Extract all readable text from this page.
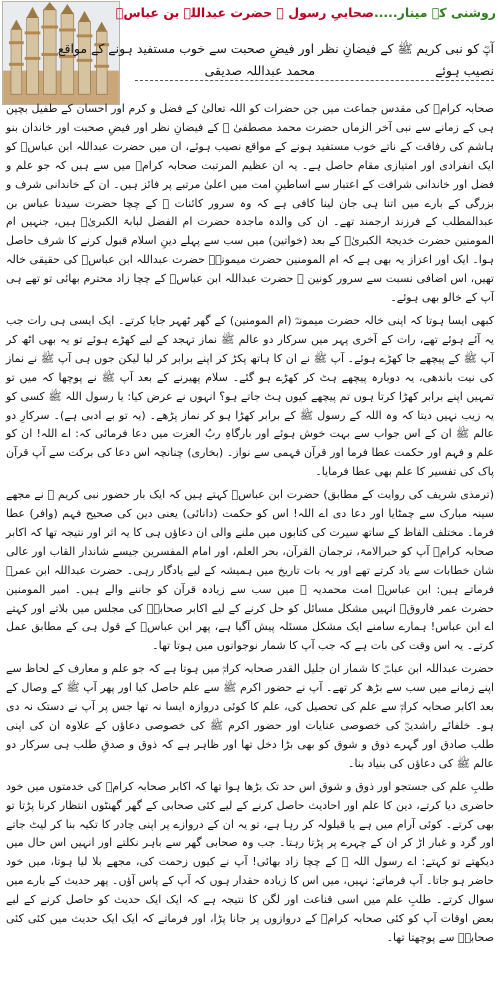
روشنی کے مینار.....صحابیِ رسول ﷺ حضرت عبداللہ بن عباسؓ
آپؓ کو نبی کریم ﷺ کے فیضانِ نظر اور فیضِ صحبت سے خوب مستفید ہونے کے مواقع
نصیب ہوئےمحمد عبداللہ صدیقی

صحابہ کرامؓ کی مقدس جماعت میں جن حضرات کو اللہ تعالیٰ کے فضل و کرم اور احسان کے طفیل بچپن ہی کے زمانے سے نبی آخر الزماں حضرت محمد مصطفیٰ ﷺ کے فیضانِ نظر اور فیضِ صحبت اور خاندان بنو ہاشم کی رفاقت کے ناتے خوب مستفید ہونے کے مواقع نصیب ہوئے، ان میں حضرت عبداللہ ابن عباسؓ کو ایک انفرادی اور امتیازی مقام حاصل ہے۔ یہ ان عظیم المرتبت صحابہ کرامؓ میں سے ہیں کہ جو علم و فضل اور خاندانی شرافت کے اعتبار سے اساطینِ امت میں اعلیٰ مرتبے پر فائز ہیں۔ ان کے خاندانی شرف و بزرگی کے بارے میں اتنا ہی جان لینا کافی ہے کہ وہ سرور کائنات ﷺ کے چچا حضرت سیدنا عباس بن عبدالمطلب کے فرزند ارجمند تھے۔ ان کی والدہ ماجدہ حضرت ام الفضل لبابۃ الکبریٰؓ ہیں، جنہیں ام المومنین حضرت خدیجۃ الکبریٰؓ کے بعد (خواتین) میں سب سے پہلے دینِ اسلام قبول کرنے کا شرف حاصل ہوا۔ ایک اور اعزاز یہ بھی ہے کہ ام المومنین حضرت میمونہؓ حضرت عبداللہ ابن عباسؓ کی حقیقی خالہ تھیں، اس اضافی نسبت سے سرور کونین ﷺ حضرت عبداللہ ابن عباسؓ کے چچا زاد محترم بھائی تو تھے ہی آپ کے خالو بھی ہوئے۔

کبھی ایسا ہوتا کہ اپنی خالہ حضرت میمونہؓ (ام المومنین) کے گھر ٹھہر جایا کرتے۔ ایک ایسی ہی رات جب یہ آئے ہوئے تھے، رات کے آخری پہر میں سرکار دو عالم ﷺ نماز تہجد کے لیے کھڑے ہوئے تو یہ بھی اٹھ کر آپ ﷺ کے پیچھے جا کھڑے ہوئے۔ آپ ﷺ نے ان کا ہاتھ پکڑ کر اپنے برابر کر لیا لیکن جوں ہی آپ ﷺ نے نماز کی نیت باندھی، یہ دوبارہ پیچھے ہٹ کر کھڑے ہو گئے۔ سلام پھیرنے کے بعد آپ ﷺ نے پوچھا کہ میں تو تمہیں اپنے برابر کھڑا کرتا ہوں تم پیچھے کیوں ہٹ جاتے ہو؟ انہوں نے عرض کیا: یا رسول اللہ ﷺ کسی کو یہ زیب نہیں دیتا کہ وہ اللہ کے رسول ﷺ کے برابر کھڑا ہو کر نماز پڑھے۔ (یہ تو بے ادبی ہے)۔ سرکارِ دو عالم ﷺ ان کے اس جواب سے بہت خوش ہوئے اور بارگاہِ ربُ العزت میں دعا فرمائی کہ: اے اللہ! ان کو علم و فہم اور حکمت عطا فرما اور قرآن فہمی سے نواز۔ (بخاری) چنانچہ اس دعا کی برکت سے آپ قرآن پاک کی تفسیر کا علم بھی عطا فرمایا۔

(ترمذی شریف کی روایت کے مطابق) حضرت ابن عباسؓ کہتے ہیں کہ ایک بار حضور نبی کریم ﷺ نے مجھے سینہ مبارک سے چمٹایا اور دعا دی اے اللہ! اس کو حکمت (دانائی) یعنی دین کی صحیح فہم (وافر) عطا فرما۔ مختلف الفاظ کے ساتھ سیرت کی کتابوں میں ملنے والی ان دعاؤں ہی کا یہ اثر اور نتیجہ تھا کہ اکابر صحابہ کرامؓ آپ کو حبرالامۃ، ترجمان القرآن، بحر العلم، اور امام المفسرین جیسے شاندار القاب اور عالی شان خطابات سے یاد کرتے تھے اور یہ بات تاریخ میں ہمیشہ کے لیے یادگار رہی۔ حضرت عبداللہ ابن عمرؓ فرماتے ہیں: ابن عباسؓ امت محمدیہ ﷺ میں سب سے زیادہ قرآن کو جاننے والے ہیں۔ امیر المومنین حضرت عمر فاروقؓ انہیں مشکل مسائل کو حل کرنے کے لیے اکابر صحابہؓ کی مجلس میں بلاتے اور کہتے اے ابن عباس! ہمارے سامنے ایک مشکل مسئلہ پیش آگیا ہے، پھر ابن عباسؓ کے قول ہی کے مطابق عمل کرتے۔ یہ اس وقت کی بات ہے کہ جب آپ کا شمار نوجوانوں میں ہوتا تھا۔

حضرت عبداللہ ابن عباسؓ کا شمار ان جلیل القدر صحابہ کرامؓ میں ہوتا ہے کہ جو علم و معارف کے لحاظ سے اپنے زمانے میں سب سے بڑھ کر تھے۔ آپ نے حضور اکرم ﷺ سے علم حاصل کیا اور پھر آپ ﷺ کے وصال کے بعد اکابر صحابہ کرامؓ سے علم کی تحصیل کی، علم کا کوئی دروازہ ایسا نہ تھا جس پر آپ نے دستک نہ دی ہو۔ خلفائے راشدینؓ کی خصوصی عنایات اور حضور اکرم ﷺ کی خصوصی دعاؤں کے علاوہ ان کی اپنی طلب صادق اور گہرے ذوق و شوق کو بھی بڑا دخل تھا اور ظاہر ہے کہ ذوق و صدقِ طلب ہی سرکار دو عالم ﷺ کی دعاؤں کی بنیاد بنا۔

طلبِ علم کی جستجو اور ذوق و شوق اس حد تک بڑھا ہوا تھا کہ اکابر صحابہ کرامؓ کی خدمتوں میں خود حاضری دیا کرتے، دین کا علم اور احادیث حاصل کرنے کے لیے کئی صحابی کے گھر گھنٹوں انتظار کرنا پڑتا تو بھی کرتے۔ کوئی آرام میں ہے یا قیلولہ کر رہا ہے، تو یہ ان کے دروازے پر اپنی چادر کا تکیہ بنا کر لیٹ جاتے اور گرد و غبار اڑ کر ان کے چہرے پر پڑتا رہتا۔ جب وہ صحابی گھر سے باہر نکلتے اور انہیں اس حال میں دیکھتے تو کہتے: اے رسول اللہ ﷺ کے چچا زاد بھائی! آپ نے کیوں زحمت کی، مجھے بلا لیا ہوتا، میں خود حاضر ہو جاتا۔ آپ فرماتے: نہیں، میں اس کا زیادہ حقدار ہوں کہ آپ کے پاس آؤں۔ پھر حدیث کے بارے میں سوال کرتے۔ طلبِ علم میں اسی قناعت اور لگن کا نتیجہ ہے کہ ایک ایک حدیث کو حاصل کرنے کے لیے بعض اوقات آپ کو کئی صحابہ کرامؓ کے دروازوں پر جانا پڑا، اور فرماتے کہ ایک ایک حدیث میں کئی کئی صحابہؓ سے پوچھتا تھا۔
